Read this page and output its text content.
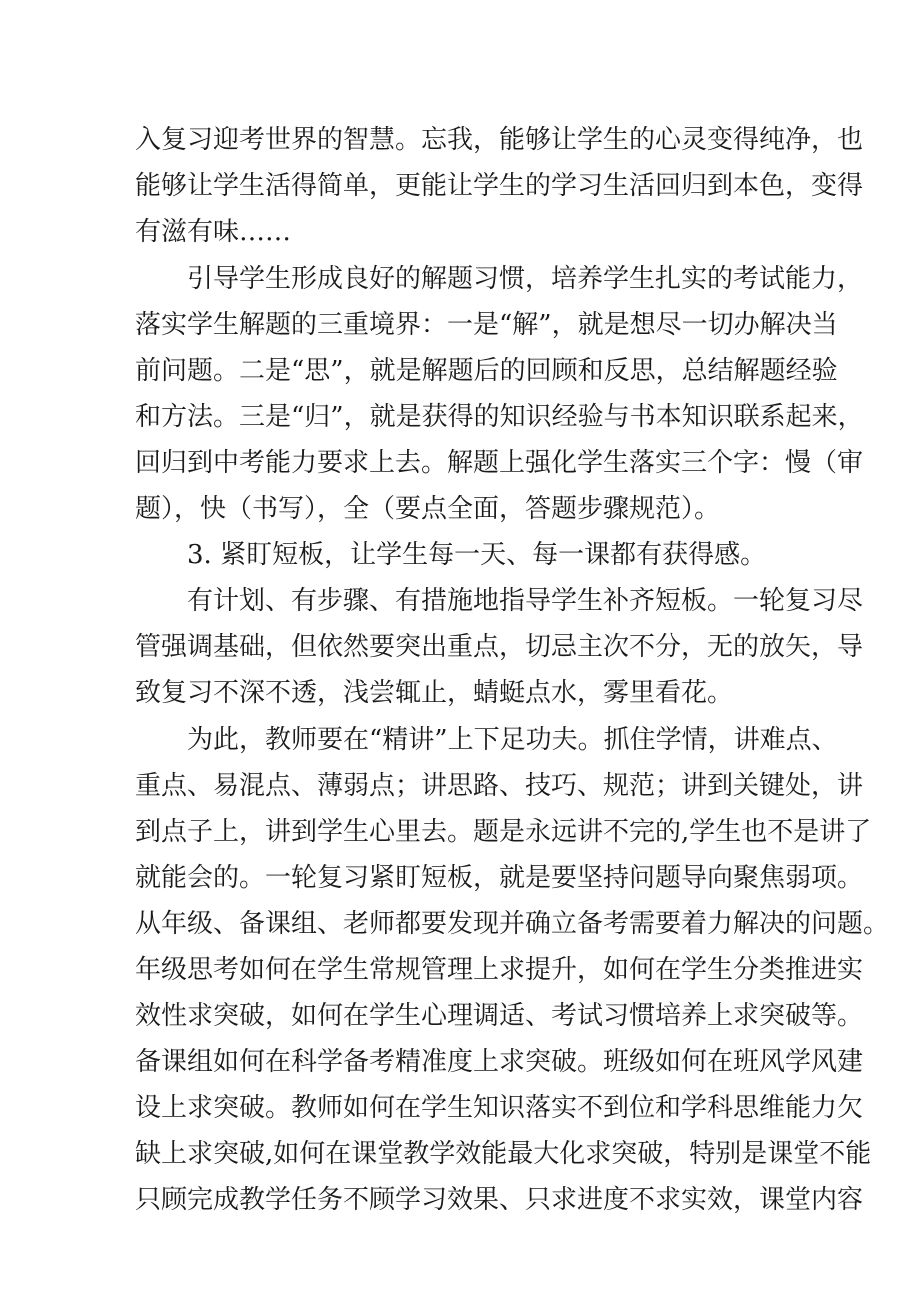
入复习迎考世界的智慧。忘我，能够让学生的心灵变得纯净，也
能够让学生活得简单，更能让学生的学习生活回归到本色，变得
有滋有味……
引导学生形成良好的解题习惯，培养学生扎实的考试能力，
落实学生解题的三重境界：一是“解”，就是想尽一切办解决当
前问题。二是“思”，就是解题后的回顾和反思，总结解题经验
和方法。三是“归”，就是获得的知识经验与书本知识联系起来，
回归到中考能力要求上去。解题上强化学生落实三个字：慢（审
题），快（书写），全（要点全面，答题步骤规范）。
3. 紧盯短板，让学生每一天、每一课都有获得感。
有计划、有步骤、有措施地指导学生补齐短板。一轮复习尽
管强调基础，但依然要突出重点，切忌主次不分，无的放矢，导
致复习不深不透，浅尝辄止，蜻蜓点水，雾里看花。
为此，教师要在“精讲”上下足功夫。抓住学情，讲难点、
重点、易混点、薄弱点；讲思路、技巧、规范；讲到关键处，讲
到点子上，讲到学生心里去。题是永远讲不完的,学生也不是讲了
就能会的。一轮复习紧盯短板，就是要坚持问题导向聚焦弱项。
从年级、备课组、老师都要发现并确立备考需要着力解决的问题。
年级思考如何在学生常规管理上求提升，如何在学生分类推进实
效性求突破，如何在学生心理调适、考试习惯培养上求突破等。
备课组如何在科学备考精准度上求突破。班级如何在班风学风建
设上求突破。教师如何在学生知识落实不到位和学科思维能力欠
缺上求突破,如何在课堂教学效能最大化求突破，特别是课堂不能
只顾完成教学任务不顾学习效果、只求进度不求实效，课堂内容
